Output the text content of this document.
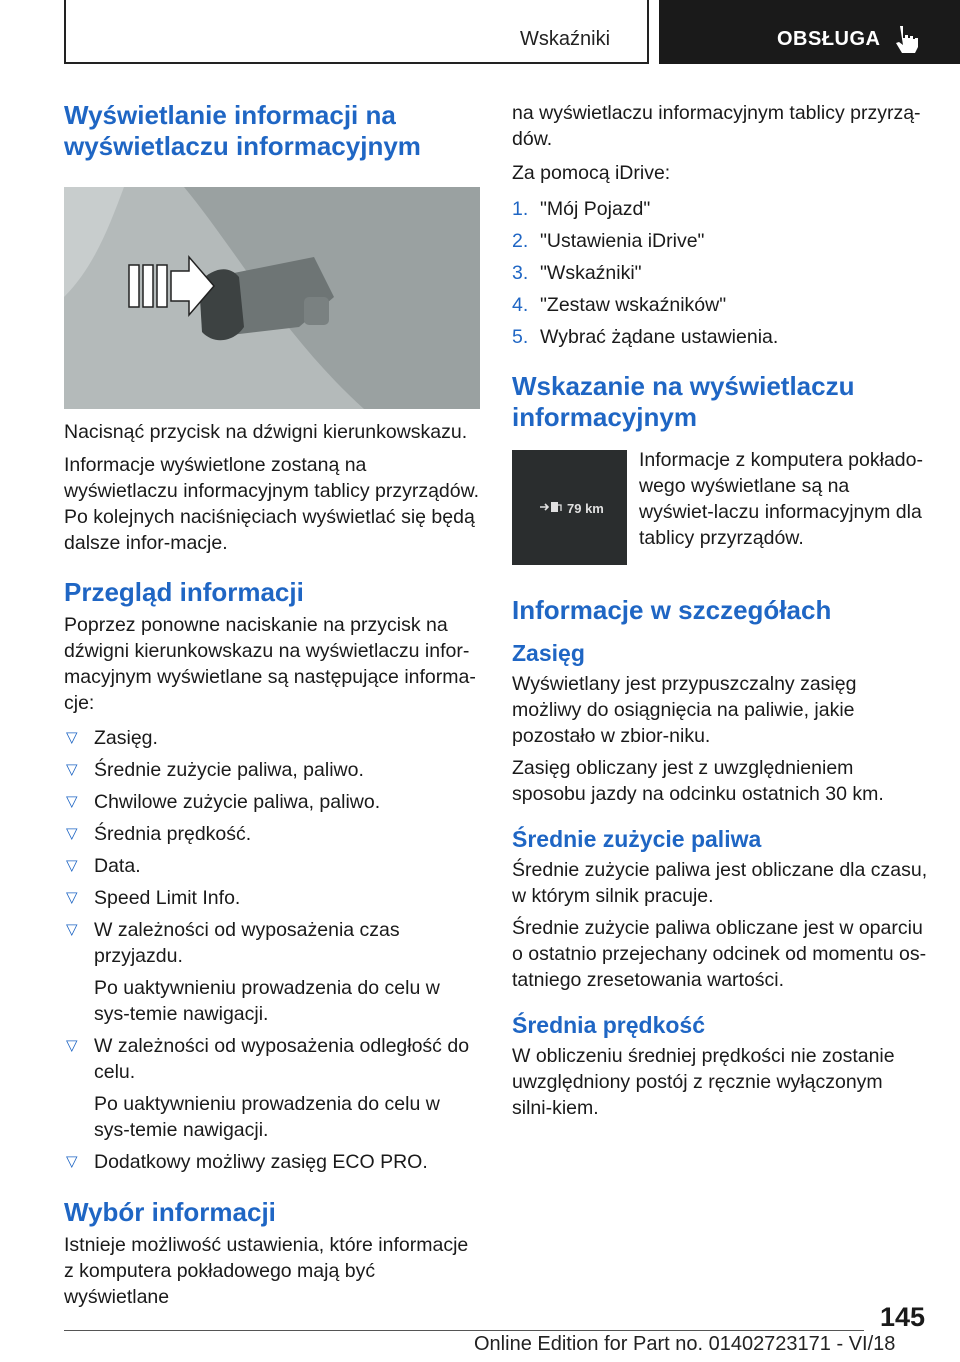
Wskaźniki	OBSŁUGA
Wyświetlanie informacji na wyświetlaczu informacyjnym

Nacisnąć przycisk na dźwigni kierunkowskazu.

Informacje wyświetlone zostaną na wyświetlaczu informacyjnym tablicy przyrządów. Po kolejnych naciśnięciach wyświetlać się będą dalsze infor-macje.

Przegląd informacji

Poprzez ponowne naciskanie na przycisk na dźwigni kierunkowskazu na wyświetlaczu infor-macyjnym wyświetlane są następujące informa-cje:

▽ Zasięg.
▽ Średnie zużycie paliwa, paliwo.
▽ Chwilowe zużycie paliwa, paliwo.
▽ Średnia prędkość.
▽ Data.
▽ Speed Limit Info.
▽ W zależności od wyposażenia czas przyjazdu.
Po uaktywnieniu prowadzenia do celu w sys-temie nawigacji.
▽ W zależności od wyposażenia odległość do celu.
Po uaktywnieniu prowadzenia do celu w sys-temie nawigacji.
▽ Dodatkowy możliwy zasięg ECO PRO.
Wybór informacji

Istnieje możliwość ustawienia, które informacje z komputera pokładowego mają być wyświetlane

na wyświetlaczu informacyjnym tablicy przyrzą-dów.

Za pomocą iDrive:

1. "Mój Pojazd"
2. "Ustawienia iDrive"
3. "Wskaźniki"
4. "Zestaw wskaźników"
5. Wybrać żądane ustawienia.
Wskazanie na wyświetlaczu informacyjnym
79 km

Informacje z komputera pokłado-wego wyświetlane są na wyświet-laczu informacyjnym dla tablicy przyrządów.

Informacje w szczegółach
Zasięg

Wyświetlany jest przypuszczalny zasięg możliwy do osiągnięcia na paliwie, jakie pozostało w zbior-niku.

Zasięg obliczany jest z uwzględnieniem sposobu jazdy na odcinku ostatnich 30 km.

Średnie zużycie paliwa

Średnie zużycie paliwa jest obliczane dla czasu, w którym silnik pracuje.

Średnie zużycie paliwa obliczane jest w oparciu o ostatnio przejechany odcinek od momentu os-tatniego zresetowania wartości.

Średnia prędkość

W obliczeniu średniej prędkości nie zostanie uwzględniony postój z ręcznie wyłączonym silni-kiem.

145
Online Edition for Part no. 01402723171 - VI/18
